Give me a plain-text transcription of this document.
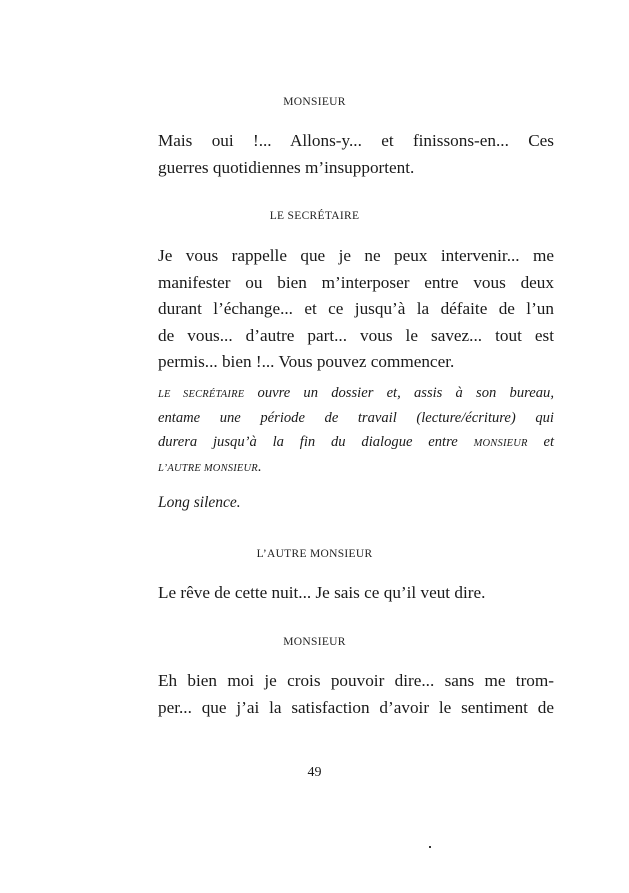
MONSIEUR
Mais oui !... Allons-y... et finissons-en... Ces
guerres quotidiennes m’insupportent.
LE SECRÉTAIRE
Je vous rappelle que je ne peux intervenir... me
manifester ou bien m’interposer entre vous deux
durant l’échange... et ce jusqu’à la défaite de l’un
de vous... d’autre part... vous le savez... tout est
permis... bien !... Vous pouvez commencer.
LE SECRÉTAIRE ouvre un dossier et, assis à son bureau,
entame une période de travail (lecture/écriture) qui
durera jusqu’à la fin du dialogue entre MONSIEUR et
L’AUTRE MONSIEUR.
Long silence.
L’AUTRE MONSIEUR
Le rêve de cette nuit... Je sais ce qu’il veut dire.
MONSIEUR
Eh bien moi je crois pouvoir dire... sans me trom-
per... que j’ai la satisfaction d’avoir le sentiment de
49
